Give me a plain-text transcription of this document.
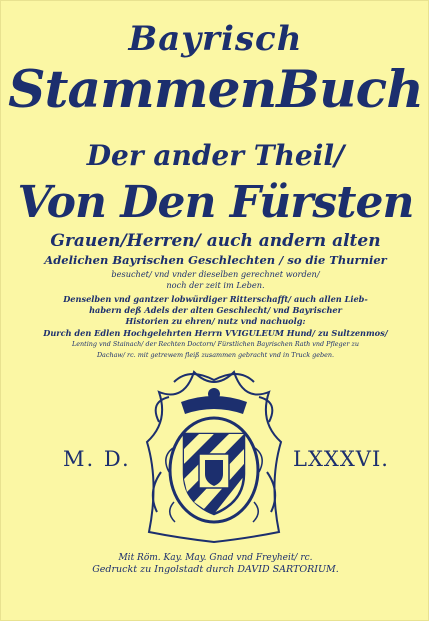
Bayrisch
StammenBuch
Der ander Theil/
Von Den Fürsten
Grauen/Herren/ auch andern alten
Adelichen Bayrischen Geschlechten / so die Thurnier
besuchet/ vnd vnder dieselben gerechnet worden/
noch der zeit im Leben.
Denselben vnd gantzer lobwürdiger Ritterschafft/ auch allen Lieb-
habern deß Adels der alten Geschlecht/ vnd Bayrischer
Historien zu ehren/ nutz vnd nachuolg:
Durch den Edlen Hochgelehrten Herrn VVIGULEUM Hund/ zu Sultzenmos/
Lenting vnd Stainach/ der Rechten Doctorn/ Fürstlichen Bayrischen Rath vnd Pfleger zu
Dachaw/ rc. mit getrewem fleiß zusammen gebracht vnd in Truck geben.
M. D.	LXXXVI.
Mit Röm. Kay. May. Gnad vnd Freyheit/ rc.
Gedruckt zu Ingolstadt durch DAVID SARTORIUM.
